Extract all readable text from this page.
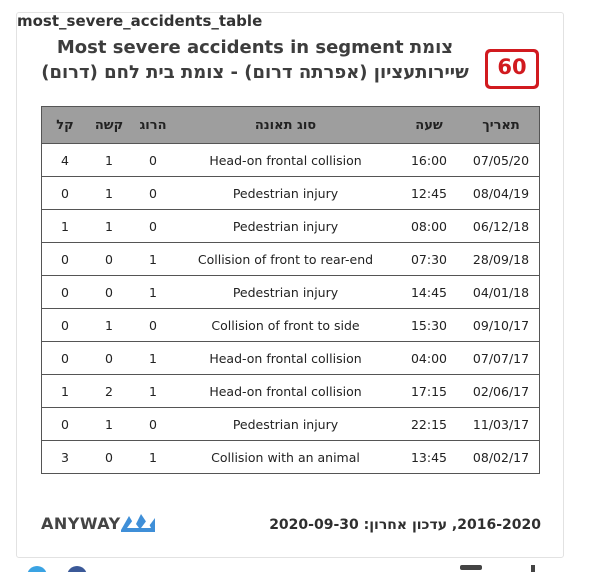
most_severe_accidents_table
צומת Most severe accidents in segment שיירותעציון (אפרתה דרום) - צומת בית לחם (דרום)	60
תאריך	שעה	סוג תאונה	הרוג	קשה	קל
07/05/20	16:00	Head-on frontal collision	0	1	4
08/04/19	12:45	Pedestrian injury	0	1	0
06/12/18	08:00	Pedestrian injury	0	1	1
28/09/18	07:30	Collision of front to rear-end	1	0	0
04/01/18	14:45	Pedestrian injury	1	0	0
09/10/17	15:30	Collision of front to side	0	1	0
07/07/17	04:00	Head-on frontal collision	1	0	0
02/06/17	17:15	Head-on frontal collision	1	2	1
11/03/17	22:15	Pedestrian injury	0	1	0
08/02/17	13:45	Collision with an animal	1	0	3
ANYWAY	2016-2020, עדכון אחרון: 2020-09-30
